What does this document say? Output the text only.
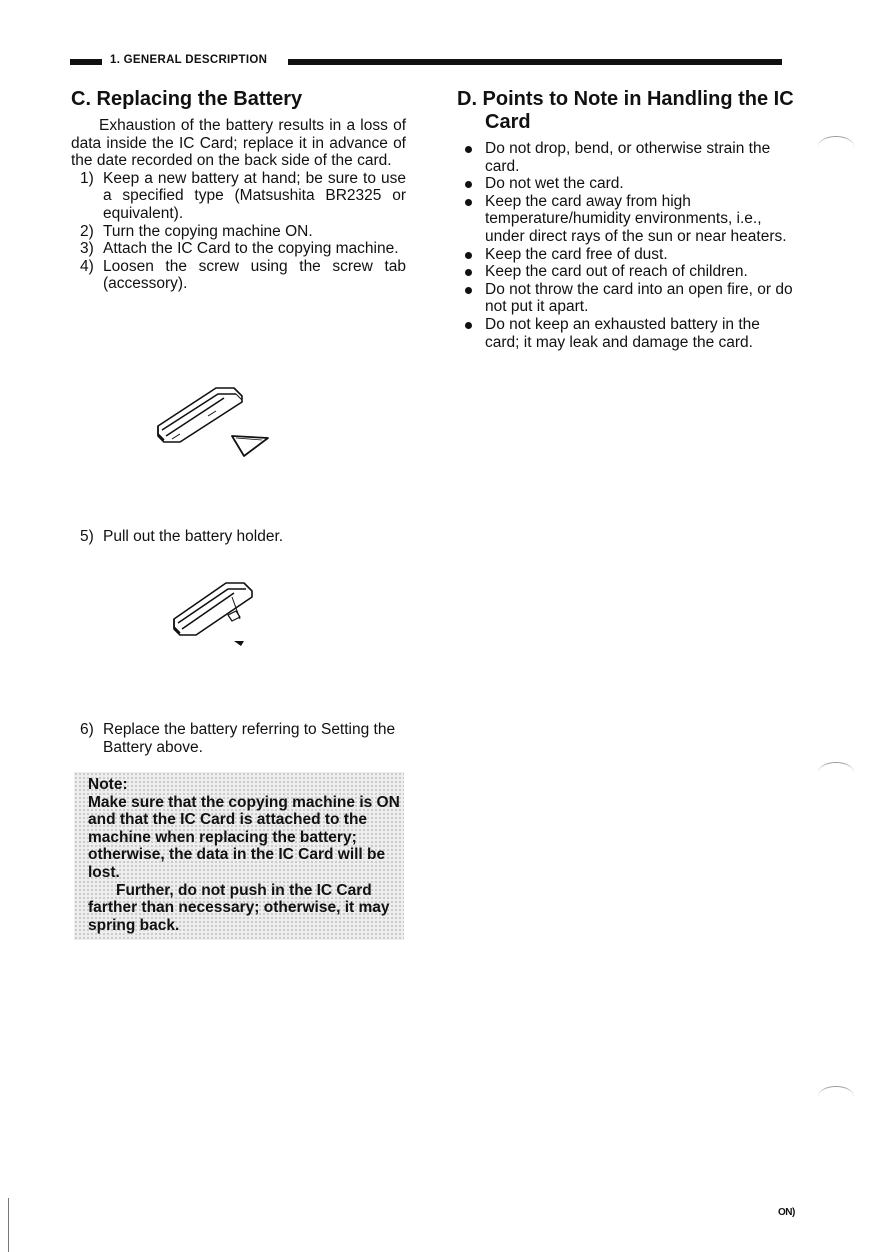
1. GENERAL DESCRIPTION
C. Replacing the Battery

Exhaustion of the battery results in a loss of data inside the IC Card; replace it in advance of the date recorded on the back side of the card.

1) Keep a new battery at hand; be sure to use a specified type (Matsushita BR2325 or equivalent).
2) Turn the copying machine ON.
3) Attach the IC Card to the copying machine.
4) Loosen the screw using the screw tab (accessory).
5) Pull out the battery holder.
6) Replace the battery referring to Setting the Battery above.

Note:

Make sure that the copying machine is ON and that the IC Card is attached to the machine when replacing the battery; otherwise, the data in the IC Card will be lost.

Further, do not push in the IC Card farther than necessary; otherwise, it may spring back.

D. Points to Note in Handling the IC Card
Do not drop, bend, or otherwise strain the card.
Do not wet the card.
Keep the card away from high temperature/humidity environments, i.e., under direct rays of the sun or near heaters.
Keep the card free of dust.
Keep the card out of reach of children.
Do not throw the card into an open fire, or do not put it apart.
Do not keep an exhausted battery in the card; it may leak and damage the card.
ON)
